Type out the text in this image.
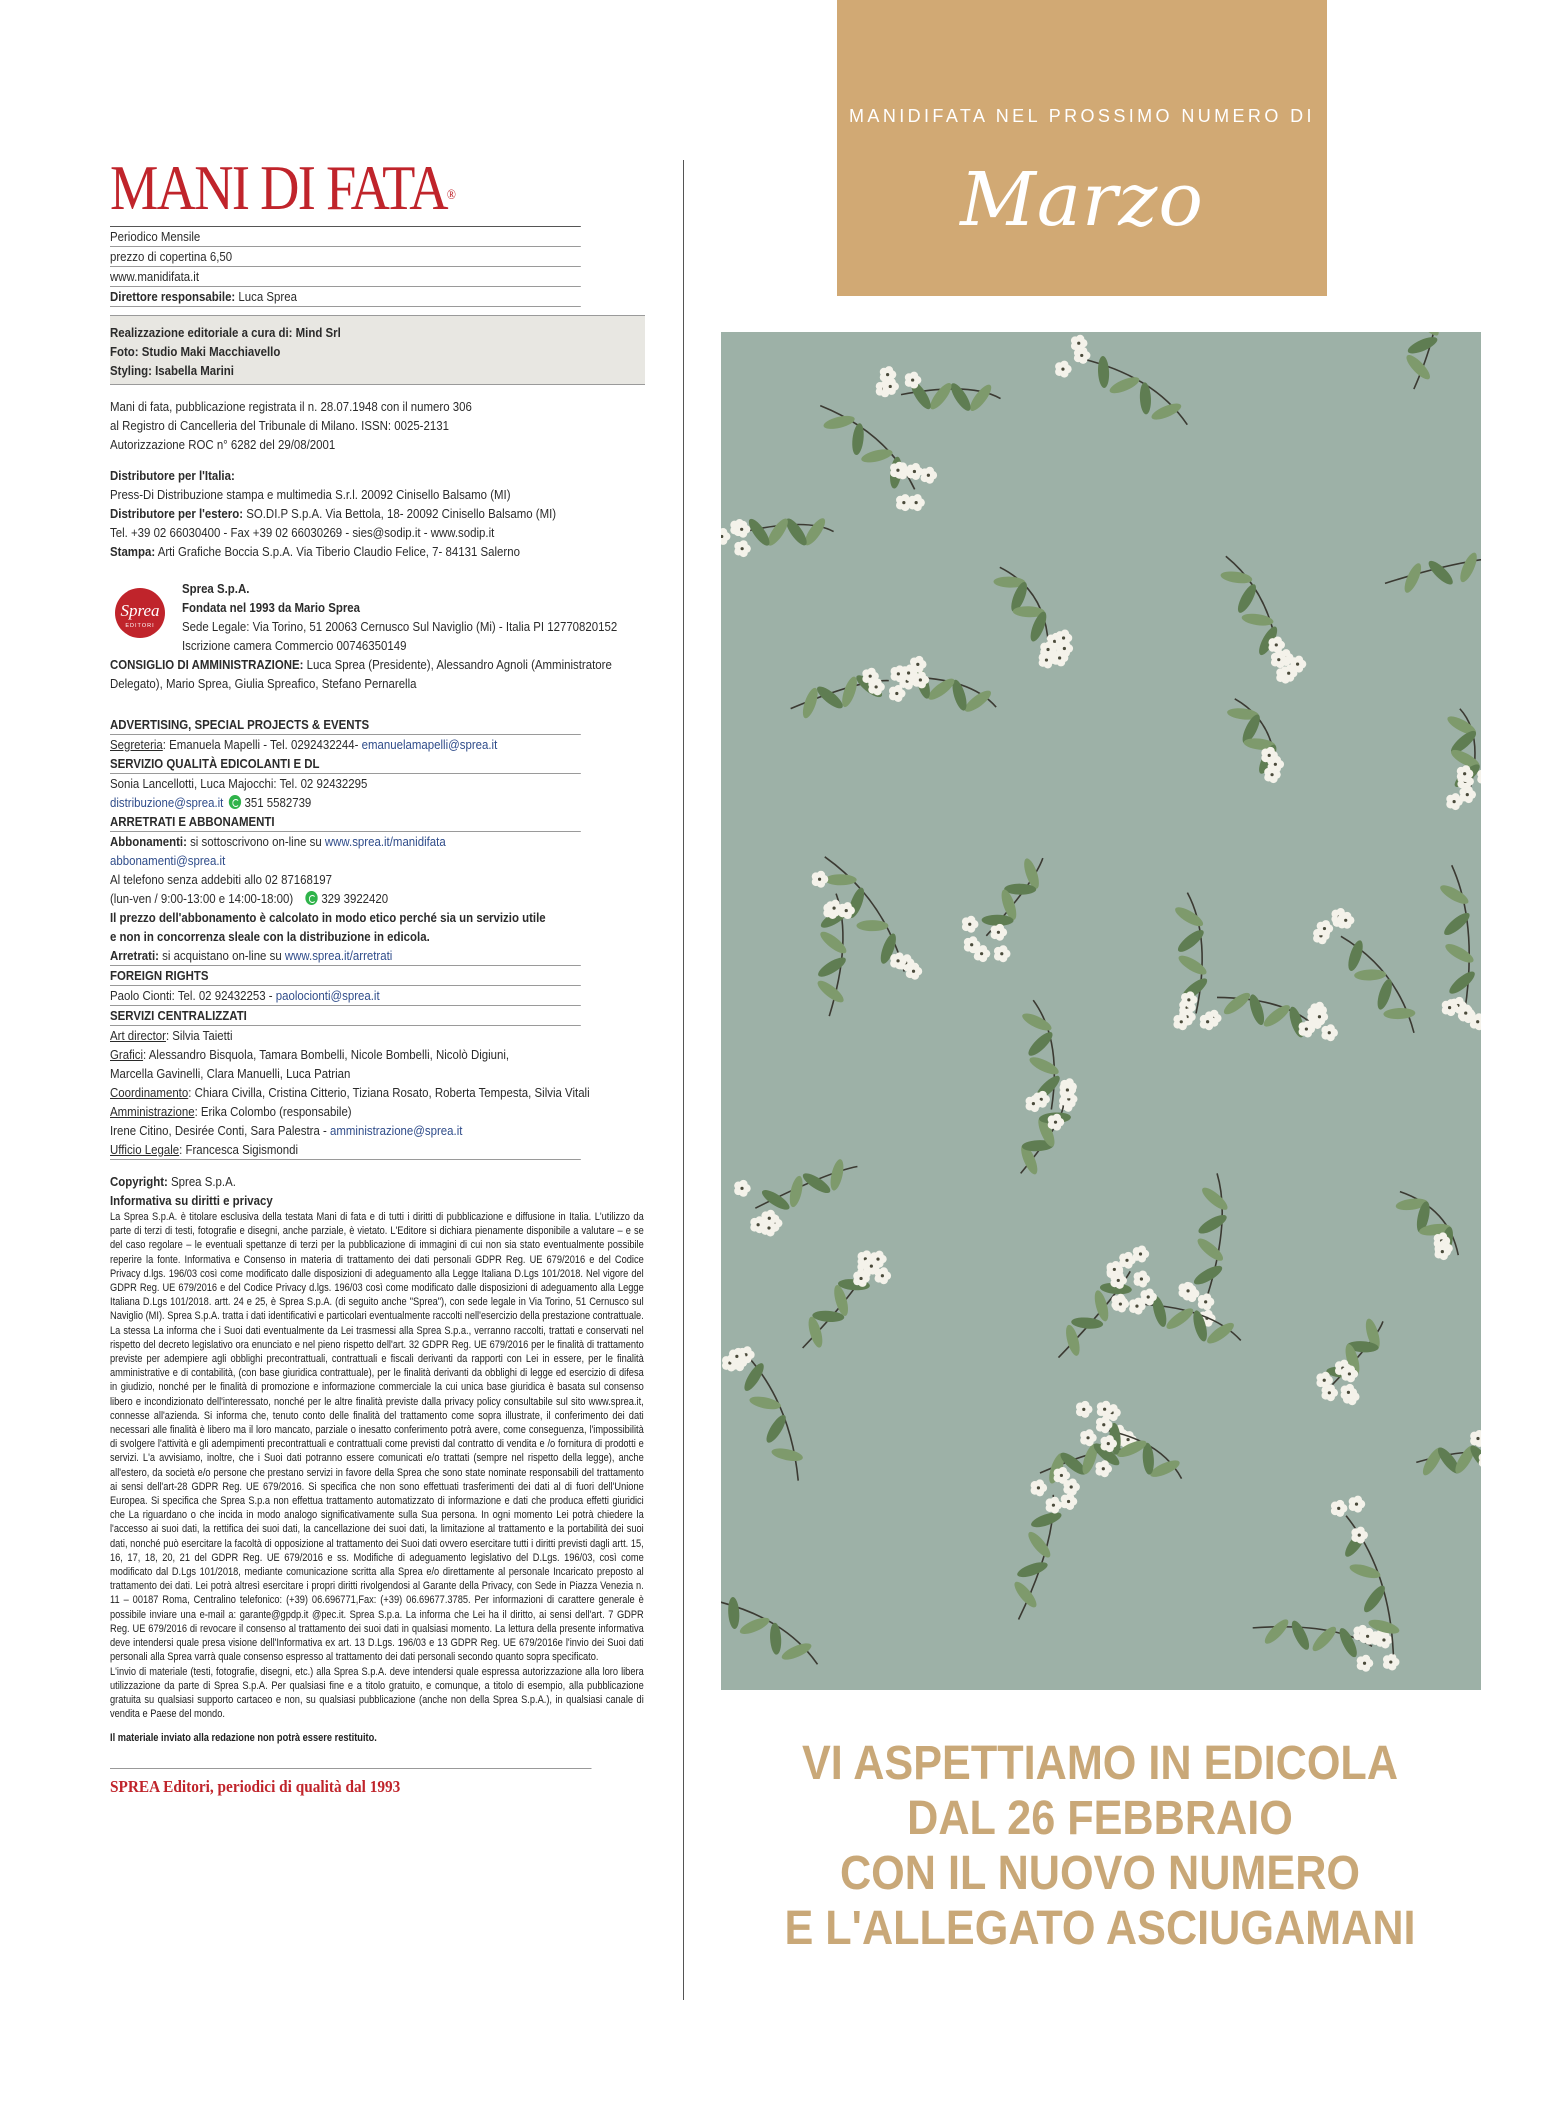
MANI DI FATA®
Periodico Mensile
prezzo di copertina 6,50
www.manidifata.it
Direttore responsabile: Luca Sprea
Realizzazione editoriale a cura di: Mind Srl
Foto: Studio Maki Macchiavello
Styling: Isabella Marini
Mani di fata, pubblicazione registrata il n. 28.07.1948 con il numero 306
al Registro di Cancelleria del Tribunale di Milano. ISSN: 0025-2131
Autorizzazione ROC n° 6282 del 29/08/2001
Distributore per l'Italia:
Press-Di Distribuzione stampa e multimedia S.r.l. 20092 Cinisello Balsamo (MI)
Distributore per l'estero: SO.DI.P S.p.A. Via Bettola, 18- 20092 Cinisello Balsamo (MI)
Tel. +39 02 66030400 - Fax +39 02 66030269 - sies@sodip.it - www.sodip.it
Stampa: Arti Grafiche Boccia S.p.A. Via Tiberio Claudio Felice, 7- 84131 Salerno
Sprea
EDITORI
Sprea S.p.A.
Fondata nel 1993 da Mario Sprea
Sede Legale: Via Torino, 51 20063 Cernusco Sul Naviglio (Mi) - Italia PI 12770820152
Iscrizione camera Commercio 00746350149
CONSIGLIO DI AMMINISTRAZIONE: Luca Sprea (Presidente), Alessandro Agnoli (Amministratore
Delegato), Mario Sprea, Giulia Spreafico, Stefano Pernarella
ADVERTISING, SPECIAL PROJECTS & EVENTS
Segreteria: Emanuela Mapelli - Tel. 0292432244- emanuelamapelli@sprea.it
SERVIZIO QUALITÀ EDICOLANTI E DL
Sonia Lancellotti, Luca Majocchi: Tel. 02 92432295
distribuzione@sprea.it 351 5582739
ARRETRATI E ABBONAMENTI
Abbonamenti: si sottoscrivono on-line su www.sprea.it/manidifata
abbonamenti@sprea.it
Al telefono senza addebiti allo 02 87168197
(lun-ven / 9:00-13:00 e 14:00-18:00) 329 3922420
Il prezzo dell'abbonamento è calcolato in modo etico perché sia un servizio utile
e non in concorrenza sleale con la distribuzione in edicola.
Arretrati: si acquistano on-line su www.sprea.it/arretrati
FOREIGN RIGHTS
Paolo Cionti: Tel. 02 92432253 - paolocionti@sprea.it
SERVIZI CENTRALIZZATI
Art director: Silvia Taietti
Grafici: Alessandro Bisquola, Tamara Bombelli, Nicole Bombelli, Nicolò Digiuni,
Marcella Gavinelli, Clara Manuelli, Luca Patrian
Coordinamento: Chiara Civilla, Cristina Citterio, Tiziana Rosato, Roberta Tempesta, Silvia Vitali
Amministrazione: Erika Colombo (responsabile)
Irene Citino, Desirée Conti, Sara Palestra - amministrazione@sprea.it
Ufficio Legale: Francesca Sigismondi
Copyright: Sprea S.p.A.
Informativa su diritti e privacy
La Sprea S.p.A. è titolare esclusiva della testata Mani di fata e di tutti i diritti di pubblicazione e diffusione in Italia. L'utilizzo da parte di terzi di testi, fotografie e disegni, anche parziale, è vietato. L'Editore si dichiara pienamente disponibile a valutare – e se del caso regolare – le eventuali spettanze di terzi per la pubblicazione di immagini di cui non sia stato eventualmente possibile reperire la fonte. Informativa e Consenso in materia di trattamento dei dati personali GDPR Reg. UE 679/2016 e del Codice Privacy d.lgs. 196/03 così come modificato dalle disposizioni di adeguamento alla Legge Italiana D.Lgs 101/2018. Nel vigore del GDPR Reg. UE 679/2016 e del Codice Privacy d.lgs. 196/03 così come modificato dalle disposizioni di adeguamento alla Legge Italiana D.Lgs 101/2018. artt. 24 e 25, è Sprea S.p.A. (di seguito anche "Sprea"), con sede legale in Via Torino, 51 Cernusco sul Naviglio (MI). Sprea S.p.A. tratta i dati identificativi e particolari eventualmente raccolti nell'esercizio della prestazione contrattuale. La stessa La informa che i Suoi dati eventualmente da Lei trasmessi alla Sprea S.p.a., verranno raccolti, trattati e conservati nel rispetto del decreto legislativo ora enunciato e nel pieno rispetto dell'art. 32 GDPR Reg. UE 679/2016 per le finalità di trattamento previste per adempiere agli obblighi precontrattuali, contrattuali e fiscali derivanti da rapporti con Lei in essere, per le finalità amministrative e di contabilità, (con base giuridica contrattuale), per le finalità derivanti da obblighi di legge ed esercizio di difesa in giudizio, nonché per le finalità di promozione e informazione commerciale la cui unica base giuridica è basata sul consenso libero e incondizionato dell'interessato, nonché per le altre finalità previste dalla privacy policy consultabile sul sito www.sprea.it, connesse all'azienda. Si informa che, tenuto conto delle finalità del trattamento come sopra illustrate, il conferimento dei dati necessari alle finalità è libero ma il loro mancato, parziale o inesatto conferimento potrà avere, come conseguenza, l'impossibilità di svolgere l'attività e gli adempimenti precontrattuali e contrattuali come previsti dal contratto di vendita e /o fornitura di prodotti e servizi. L'a avvisiamo, inoltre, che i Suoi dati potranno essere comunicati e/o trattati (sempre nel rispetto della legge), anche all'estero, da società e/o persone che prestano servizi in favore della Sprea che sono state nominate responsabili del trattamento ai sensi dell'art-28 GDPR Reg. UE 679/2016. Si specifica che non sono effettuati trasferimenti dei dati al di fuori dell'Unione Europea. Si specifica che Sprea S.p.a non effettua trattamento automatizzato di informazione e dati che produca effetti giuridici che La riguardano o che incida in modo analogo significativamente sulla Sua persona. In ogni momento Lei potrà chiedere la l'accesso ai suoi dati, la rettifica dei suoi dati, la cancellazione dei suoi dati, la limitazione al trattamento e la portabilità dei suoi dati, nonché può esercitare la facoltà di opposizione al trattamento dei Suoi dati ovvero esercitare tutti i diritti previsti dagli artt. 15, 16, 17, 18, 20, 21 del GDPR Reg. UE 679/2016 e ss. Modifiche di adeguamento legislativo del D.Lgs. 196/03, così come modificato dal D.Lgs 101/2018, mediante comunicazione scritta alla Sprea e/o direttamente al personale Incaricato preposto al trattamento dei dati. Lei potrà altresì esercitare i propri diritti rivolgendosi al Garante della Privacy, con Sede in Piazza Venezia n. 11 – 00187 Roma, Centralino telefonico: (+39) 06.696771,Fax: (+39) 06.69677.3785. Per informazioni di carattere generale è possibile inviare una e-mail a: garante@gpdp.it @pec.it. Sprea S.p.a. La informa che Lei ha il diritto, ai sensi dell'art. 7 GDPR Reg. UE 679/2016 di revocare il consenso al trattamento dei suoi dati in qualsiasi momento. La lettura della presente informativa deve intendersi quale presa visione dell'Informativa ex art. 13 D.Lgs. 196/03 e 13 GDPR Reg. UE 679/2016e l'invio dei Suoi dati personali alla Sprea varrà quale consenso espresso al trattamento dei dati personali secondo quanto sopra specificato.
L'invio di materiale (testi, fotografie, disegni, etc.) alla Sprea S.p.A. deve intendersi quale espressa autorizzazione alla loro libera utilizzazione da parte di Sprea S.p.A. Per qualsiasi fine e a titolo gratuito, e comunque, a titolo di esempio, alla pubblicazione gratuita su qualsiasi supporto cartaceo e non, su qualsiasi pubblicazione (anche non della Sprea S.p.A.), in qualsiasi canale di vendita e Paese del mondo.
Il materiale inviato alla redazione non potrà essere restituito.
SPREA Editori, periodici di qualità dal 1993
MANIDIFATA NEL PROSSIMO NUMERO DI
Marzo
VI ASPETTIAMO IN EDICOLA
DAL 26 FEBBRAIO
CON IL NUOVO NUMERO
E L'ALLEGATO ASCIUGAMANI
